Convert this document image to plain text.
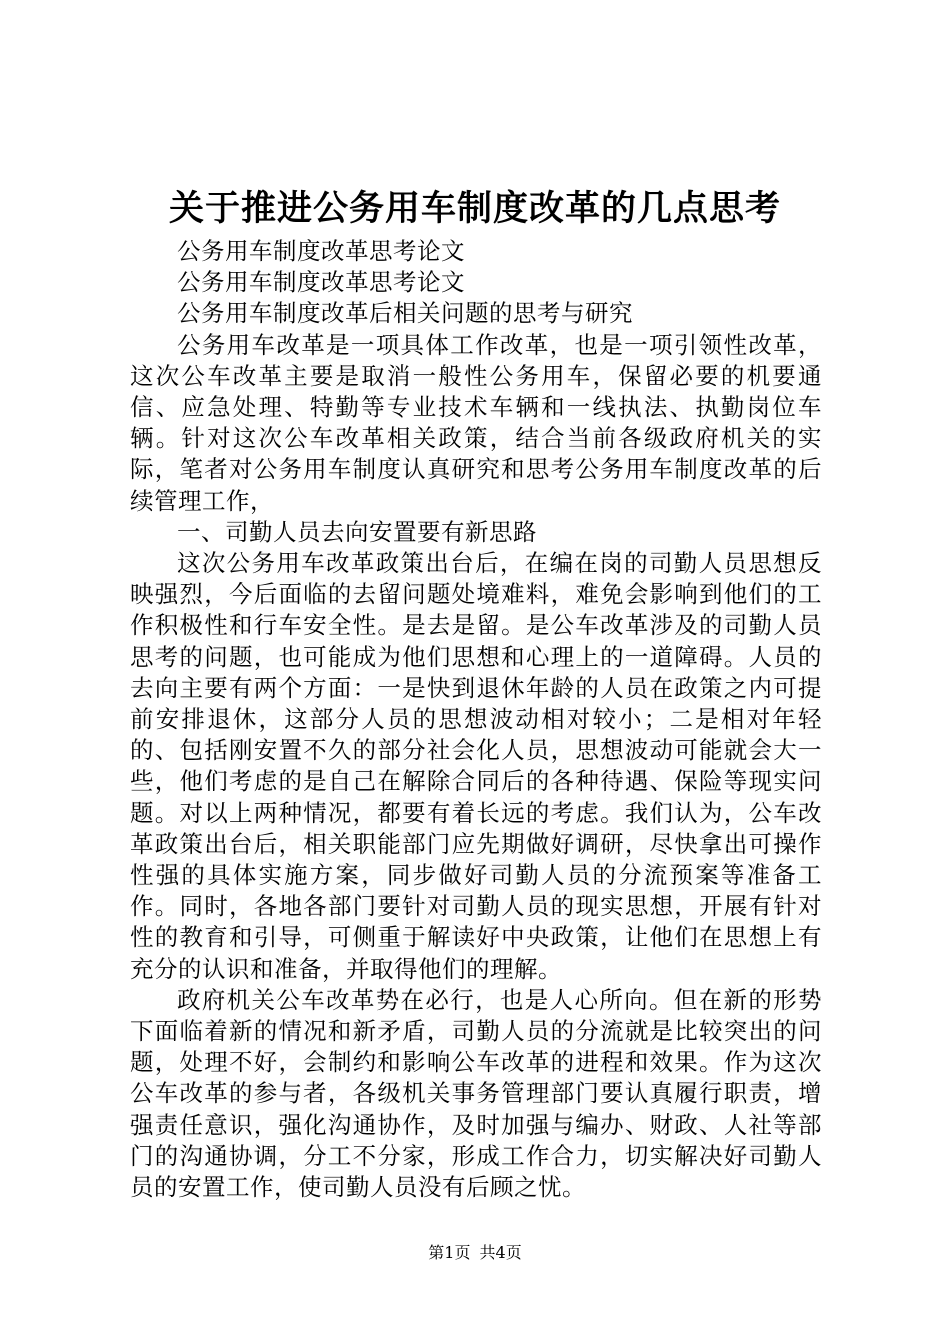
关于推进公务用车制度改革的几点思考

公务用车制度改革思考论文

公务用车制度改革思考论文

公务用车制度改革后相关问题的思考与研究

公务用车改革是一项具体工作改革，也是一项引领性改革，这次公车改革主要是取消一般性公务用车，保留必要的机要通信、应急处理、特勤等专业技术车辆和一线执法、执勤岗位车辆。针对这次公车改革相关政策，结合当前各级政府机关的实际，笔者对公务用车制度认真研究和思考公务用车制度改革的后续管理工作，

一、司勤人员去向安置要有新思路

这次公务用车改革政策出台后，在编在岗的司勤人员思想反映强烈，今后面临的去留问题处境难料，难免会影响到他们的工作积极性和行车安全性。是去是留。是公车改革涉及的司勤人员思考的问题，也可能成为他们思想和心理上的一道障碍。人员的去向主要有两个方面：一是快到退休年龄的人员在政策之内可提前安排退休，这部分人员的思想波动相对较小；二是相对年轻的、包括刚安置不久的部分社会化人员，思想波动可能就会大一些，他们考虑的是自己在解除合同后的各种待遇、保险等现实问题。对以上两种情况，都要有着长远的考虑。我们认为，公车改革政策出台后，相关职能部门应先期做好调研，尽快拿出可操作性强的具体实施方案，同步做好司勤人员的分流预案等准备工作。同时，各地各部门要针对司勤人员的现实思想，开展有针对性的教育和引导，可侧重于解读好中央政策，让他们在思想上有充分的认识和准备，并取得他们的理解。

政府机关公车改革势在必行，也是人心所向。但在新的形势下面临着新的情况和新矛盾，司勤人员的分流就是比较突出的问题，处理不好，会制约和影响公车改革的进程和效果。作为这次公车改革的参与者，各级机关事务管理部门要认真履行职责，增强责任意识，强化沟通协作，及时加强与编办、财政、人社等部门的沟通协调，分工不分家，形成工作合力，切实解决好司勤人员的安置工作，使司勤人员没有后顾之忧。

第1页 共4页
